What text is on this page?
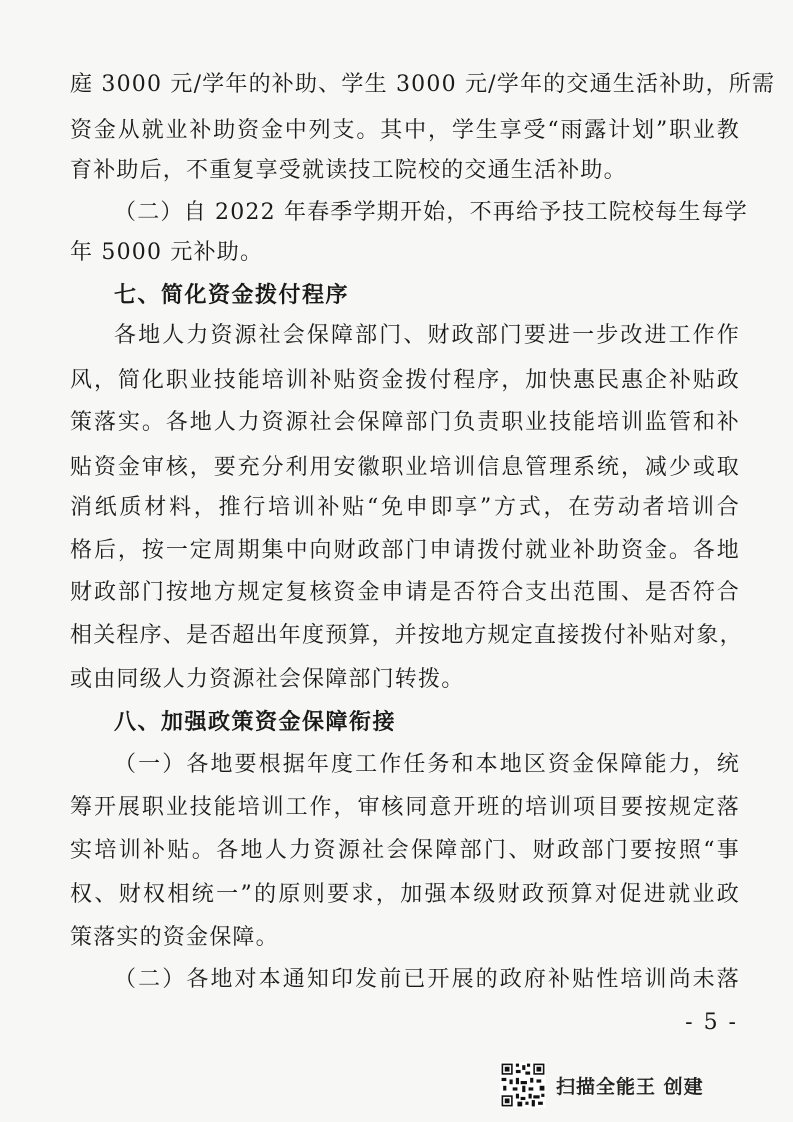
庭 3000 元/学年的补助、学生 3000 元/学年的交通生活补助，所需
资金从就业补助资金中列支。其中，学生享受“雨露计划”职业教
育补助后，不重复享受就读技工院校的交通生活补助。
（二）自 2022 年春季学期开始，不再给予技工院校每生每学
年 5000 元补助。
七、简化资金拨付程序
各地人力资源社会保障部门、财政部门要进一步改进工作作
风，简化职业技能培训补贴资金拨付程序，加快惠民惠企补贴政
策落实。各地人力资源社会保障部门负责职业技能培训监管和补
贴资金审核，要充分利用安徽职业培训信息管理系统，减少或取
消纸质材料，推行培训补贴“免申即享”方式，在劳动者培训合
格后，按一定周期集中向财政部门申请拨付就业补助资金。各地
财政部门按地方规定复核资金申请是否符合支出范围、是否符合
相关程序、是否超出年度预算，并按地方规定直接拨付补贴对象，
或由同级人力资源社会保障部门转拨。
八、加强政策资金保障衔接
（一）各地要根据年度工作任务和本地区资金保障能力，统
筹开展职业技能培训工作，审核同意开班的培训项目要按规定落
实培训补贴。各地人力资源社会保障部门、财政部门要按照“事
权、财权相统一”的原则要求，加强本级财政预算对促进就业政
策落实的资金保障。
（二）各地对本通知印发前已开展的政府补贴性培训尚未落
- 5 -
扫描全能王 创建
